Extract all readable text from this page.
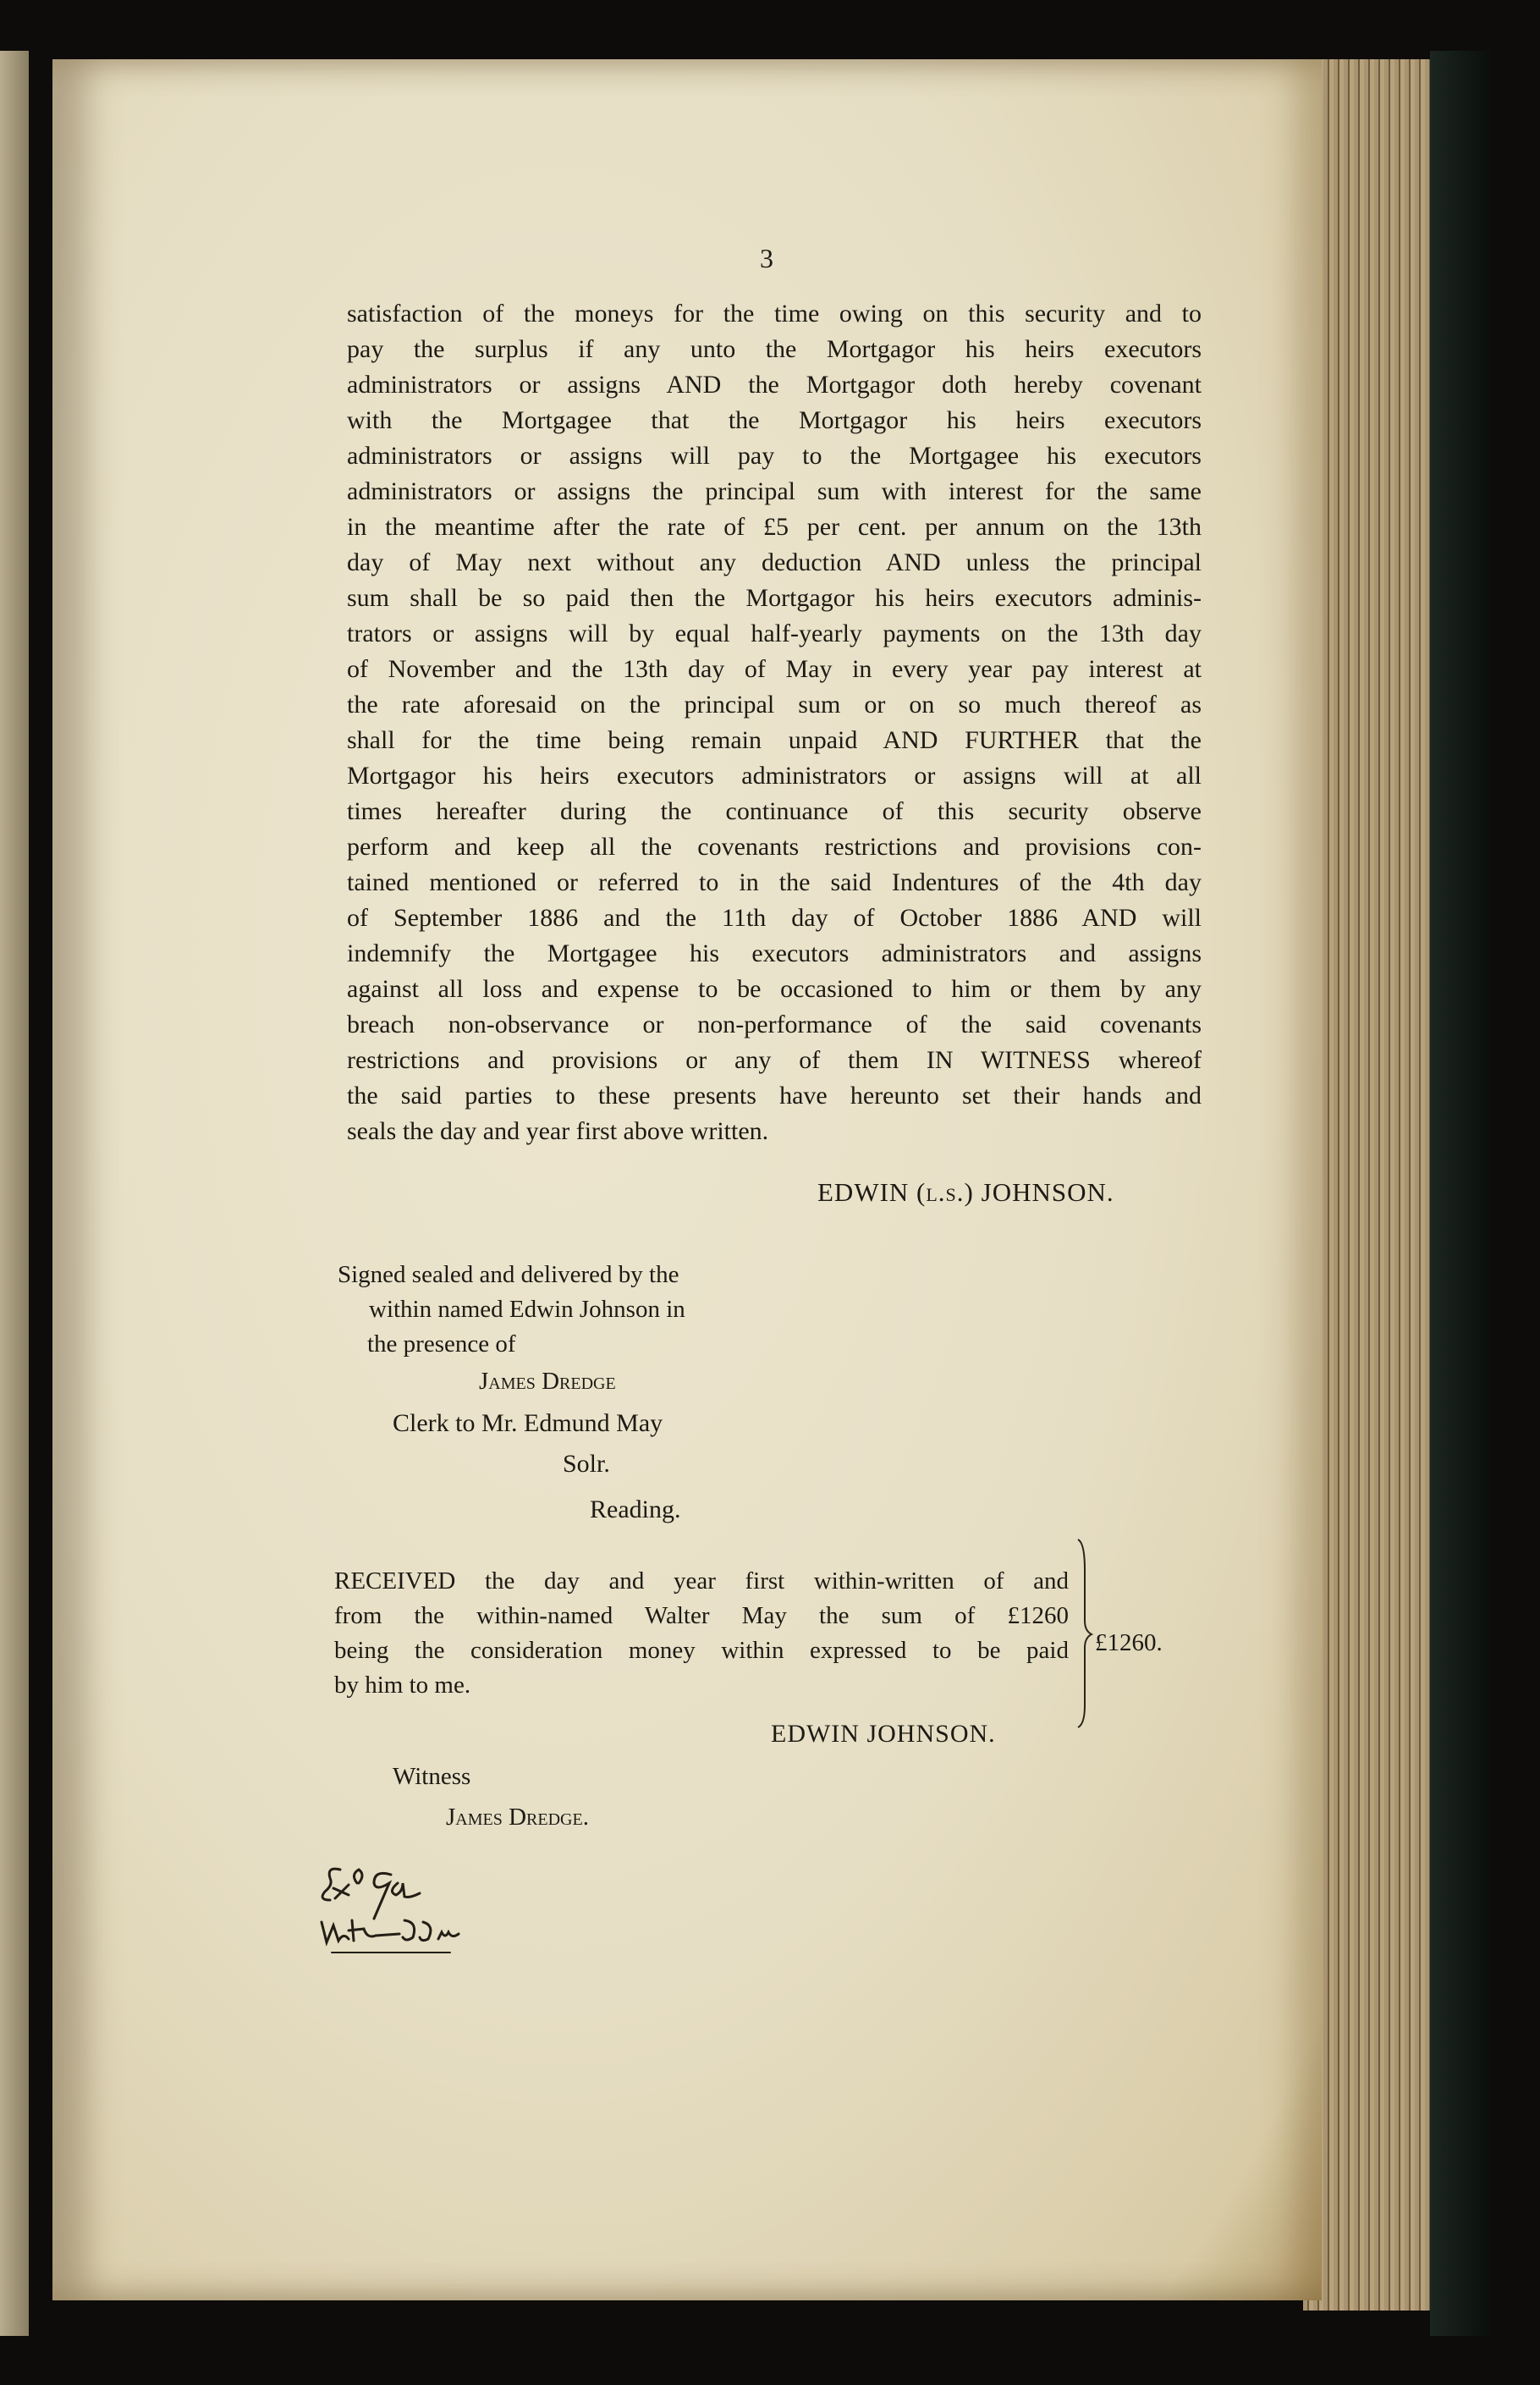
3
satisfaction of the moneys for the time owing on this security and to
pay the surplus if any unto the Mortgagor his heirs executors
administrators or assigns AND the Mortgagor doth hereby covenant
with the Mortgagee that the Mortgagor his heirs executors
administrators or assigns will pay to the Mortgagee his executors
administrators or assigns the principal sum with interest for the same
in the meantime after the rate of £5 per cent. per annum on the 13th
day of May next without any deduction AND unless the principal
sum shall be so paid then the Mortgagor his heirs executors adminis-
trators or assigns will by equal half-yearly payments on the 13th day
of November and the 13th day of May in every year pay interest at
the rate aforesaid on the principal sum or on so much thereof as
shall for the time being remain unpaid AND FURTHER that the
Mortgagor his heirs executors administrators or assigns will at all
times hereafter during the continuance of this security observe
perform and keep all the covenants restrictions and provisions con-
tained mentioned or referred to in the said Indentures of the 4th day
of September 1886 and the 11th day of October 1886 AND will
indemnify the Mortgagee his executors administrators and assigns
against all loss and expense to be occasioned to him or them by any
breach non-observance or non-performance of the said covenants
restrictions and provisions or any of them IN WITNESS whereof
the said parties to these presents have hereunto set their hands and
seals the day and year first above written.
EDWIN (l.s.) JOHNSON.
Signed sealed and delivered by the
within named Edwin Johnson in
the presence of
James Dredge
Clerk to Mr. Edmund May
Solr.
Reading.
RECEIVED the day and year first within-written of and
from the within-named Walter May the sum of £1260
being the consideration money within expressed to be paid
by him to me.
£1260.
EDWIN JOHNSON.
Witness
James Dredge.
